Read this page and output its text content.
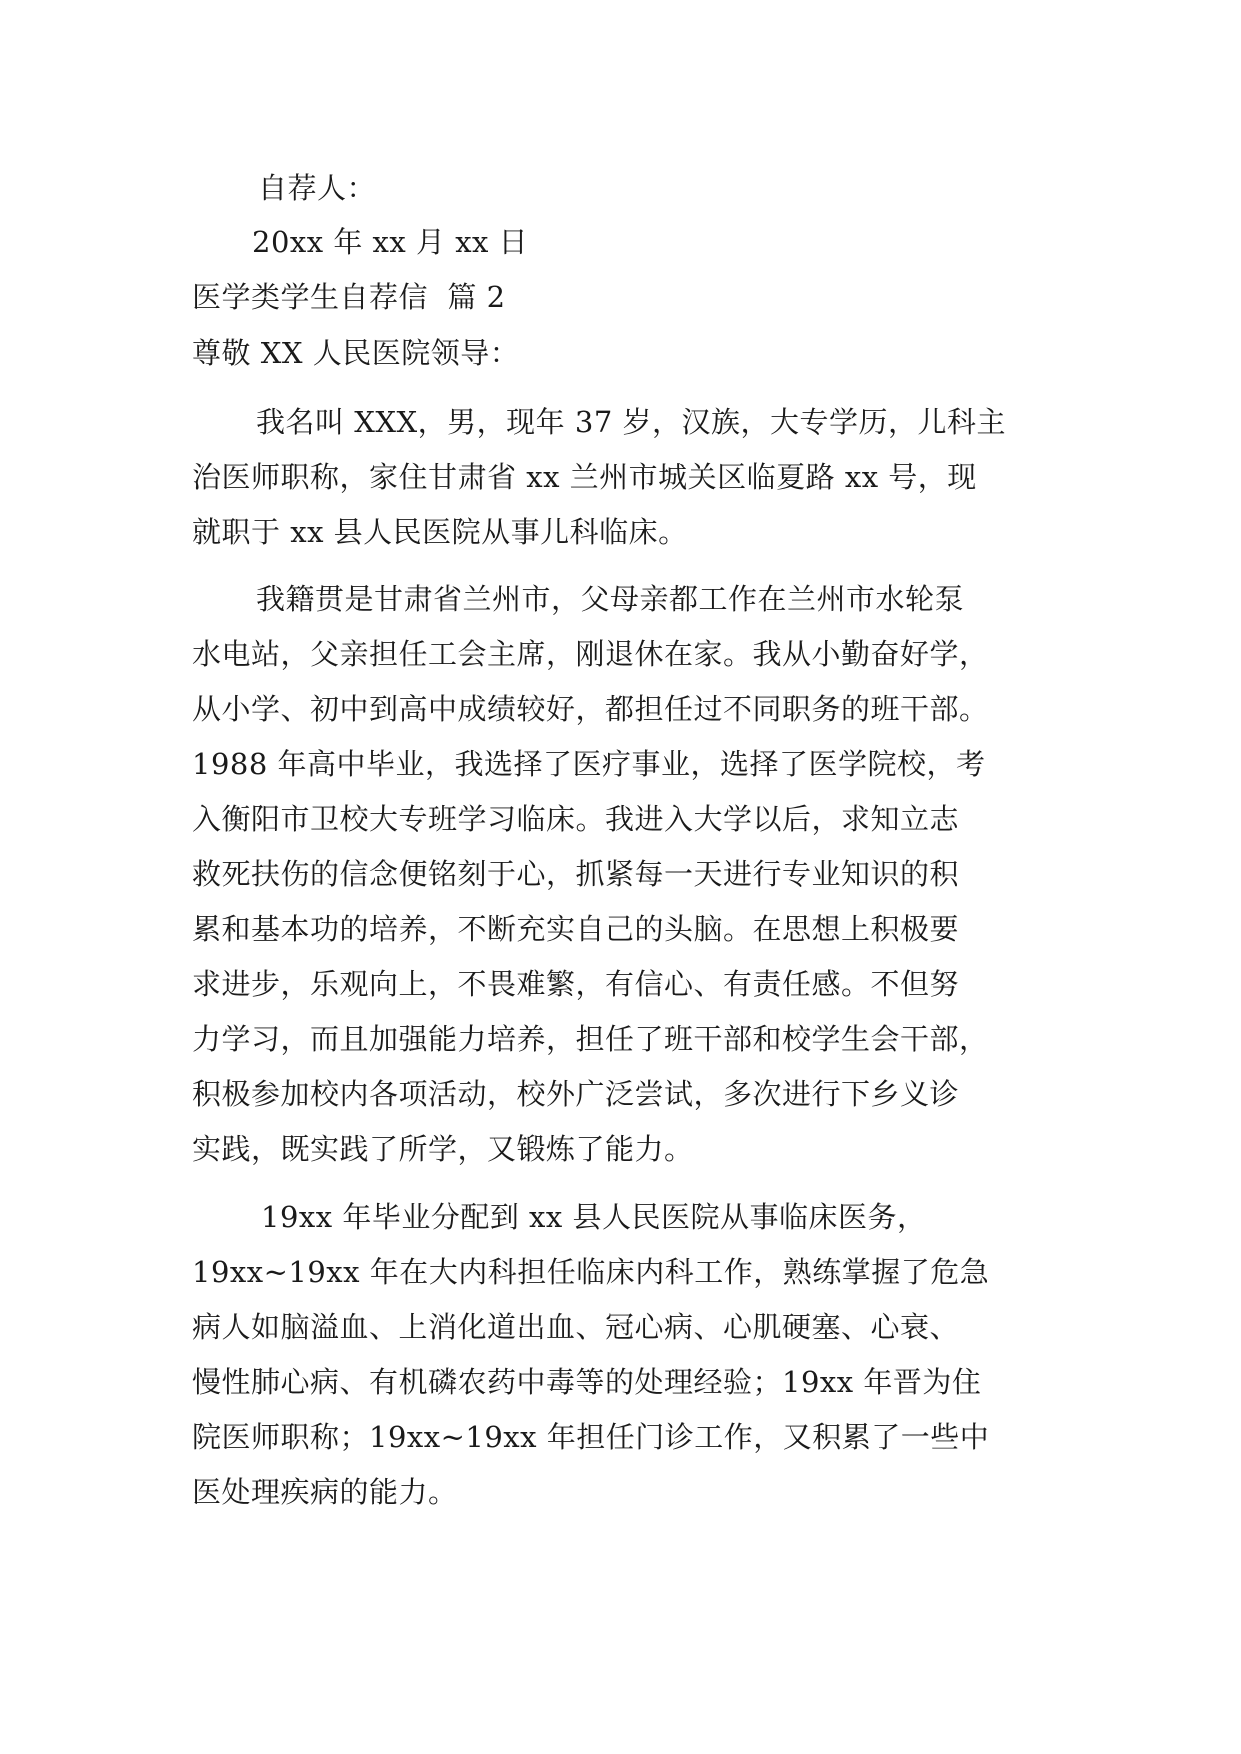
自荐人：

20xx 年 xx 月 xx 日

医学类学生自荐信  篇 2

尊敬 XX 人民医院领导：

我名叫 XXX，男，现年 37 岁，汉族，大专学历，儿科主

治医师职称，家住甘肃省 xx 兰州市城关区临夏路 xx 号，现

就职于 xx 县人民医院从事儿科临床。

我籍贯是甘肃省兰州市，父母亲都工作在兰州市水轮泵

水电站，父亲担任工会主席，刚退休在家。我从小勤奋好学，

从小学、初中到高中成绩较好，都担任过不同职务的班干部。

1988 年高中毕业，我选择了医疗事业，选择了医学院校，考

入衡阳市卫校大专班学习临床。我进入大学以后，求知立志

救死扶伤的信念便铭刻于心，抓紧每一天进行专业知识的积

累和基本功的培养，不断充实自己的头脑。在思想上积极要

求进步，乐观向上，不畏难繁，有信心、有责任感。不但努

力学习，而且加强能力培养，担任了班干部和校学生会干部，

积极参加校内各项活动，校外广泛尝试，多次进行下乡义诊

实践，既实践了所学，又锻炼了能力。

19xx 年毕业分配到 xx 县人民医院从事临床医务，

19xx~19xx 年在大内科担任临床内科工作，熟练掌握了危急

病人如脑溢血、上消化道出血、冠心病、心肌硬塞、心衰、

慢性肺心病、有机磷农药中毒等的处理经验；19xx 年晋为住

院医师职称；19xx~19xx 年担任门诊工作，又积累了一些中

医处理疾病的能力。
